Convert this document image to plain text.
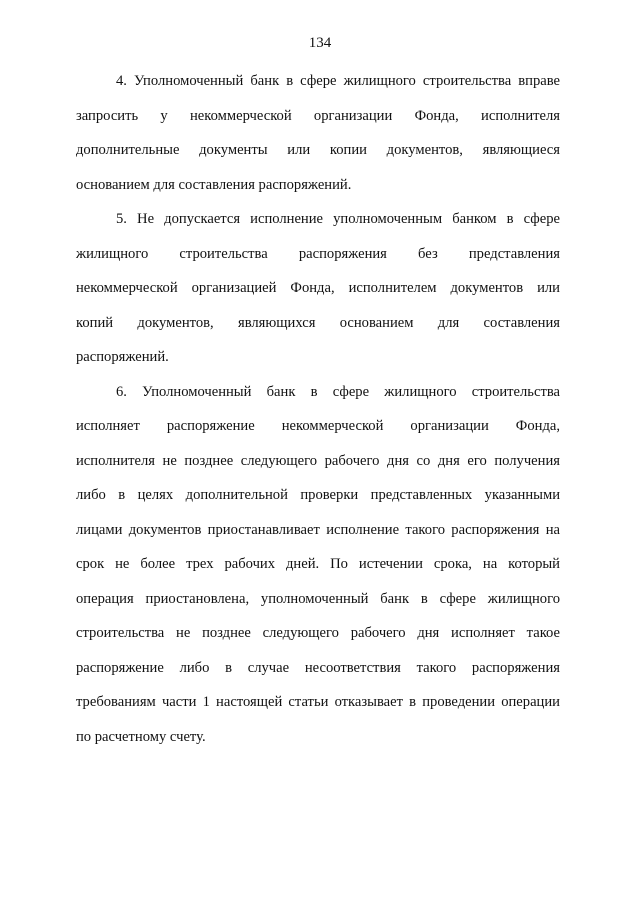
134
4. Уполномоченный банк в сфере жилищного строительства вправе
запросить у некоммерческой организации Фонда, исполнителя
дополнительные документы или копии документов, являющиеся
основанием для составления распоряжений.
5. Не допускается исполнение уполномоченным банком в сфере
жилищного строительства распоряжения без представления
некоммерческой организацией Фонда, исполнителем документов или
копий документов, являющихся основанием для составления
распоряжений.
6. Уполномоченный банк в сфере жилищного строительства
исполняет распоряжение некоммерческой организации Фонда,
исполнителя не позднее следующего рабочего дня со дня его получения
либо в целях дополнительной проверки представленных указанными
лицами документов приостанавливает исполнение такого распоряжения на
срок не более трех рабочих дней. По истечении срока, на который
операция приостановлена, уполномоченный банк в сфере жилищного
строительства не позднее следующего рабочего дня исполняет такое
распоряжение либо в случае несоответствия такого распоряжения
требованиям части 1 настоящей статьи отказывает в проведении операции
по расчетному счету.
